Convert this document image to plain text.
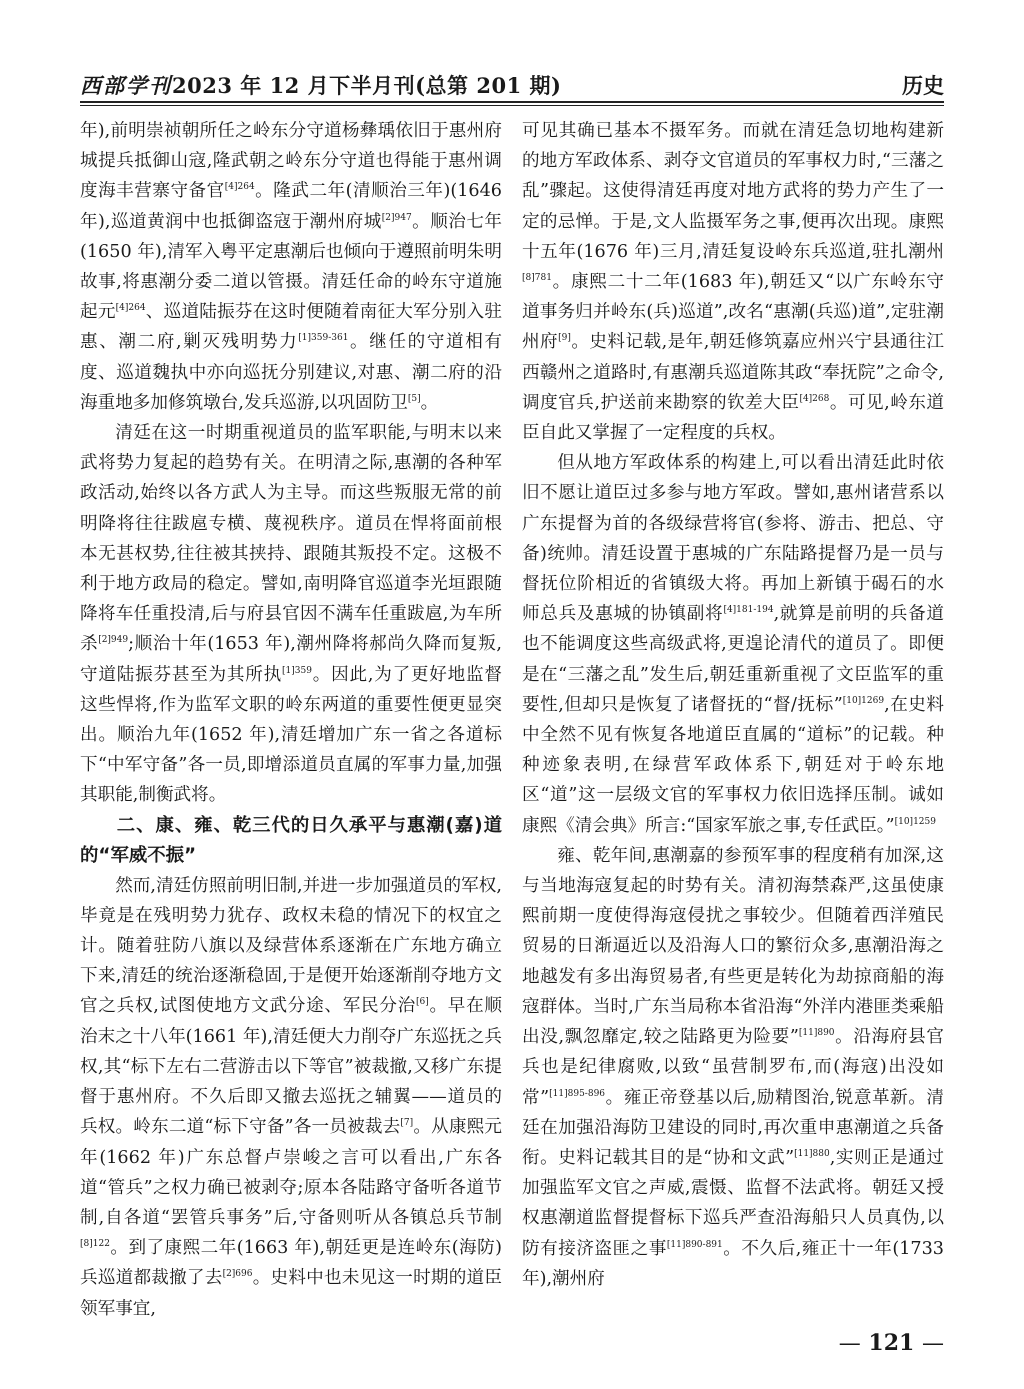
西部学刊2023 年 12 月下半月刊(总第 201 期)	历史

年),前明崇祯朝所任之岭东分守道杨彝瑀依旧于惠州府城提兵抵御山寇,隆武朝之岭东分守道也得能于惠州调度海丰营寨守备官$^{[4]264}$。隆武二年(清顺治三年)(1646 年),巡道黄润中也抵御盗寇于潮州府城$^{[2]947}$。顺治七年(1650 年),清军入粤平定惠潮后也倾向于遵照前明朱明故事,将惠潮分委二道以管摄。清廷任命的岭东守道施起元$^{[4]264}$、巡道陆振芬在这时便随着南征大军分别入驻惠、潮二府,剿灭残明势力$^{[1]359-361}$。继任的守道相有度、巡道魏执中亦向巡抚分别建议,对惠、潮二府的沿海重地多加修筑墩台,发兵巡游,以巩固防卫[5]。

清廷在这一时期重视道员的监军职能,与明末以来武将势力复起的趋势有关。在明清之际,惠潮的各种军政活动,始终以各方武人为主导。而这些叛服无常的前明降将往往跋扈专横、蔑视秩序。道员在悍将面前根本无甚权势,往往被其挟持、跟随其叛投不定。这极不利于地方政局的稳定。譬如,南明降官巡道李光垣跟随降将车任重投清,后与府县官因不满车任重跋扈,为车所杀$^{[2]949}$;顺治十年(1653 年),潮州降将郝尚久降而复叛,守道陆振芬甚至为其所执$^{[1]359}$。因此,为了更好地监督这些悍将,作为监军文职的岭东两道的重要性便更显突出。顺治九年(1652 年),清廷增加广东一省之各道标下“中军守备”各一员,即增添道员直属的军事力量,加强其职能,制衡武将。

二、康、雍、乾三代的日久承平与惠潮(嘉)道的“军威不振”

然而,清廷仿照前明旧制,并进一步加强道员的军权,毕竟是在残明势力犹存、政权未稳的情况下的权宜之计。随着驻防八旗以及绿营体系逐渐在广东地方确立下来,清廷的统治逐渐稳固,于是便开始逐渐削夺地方文官之兵权,试图使地方文武分途、军民分治[6]。早在顺治末之十八年(1661 年),清廷便大力削夺广东巡抚之兵权,其“标下左右二营游击以下等官”被裁撤,又移广东提督于惠州府。不久后即又撤去巡抚之辅翼——道员的兵权。岭东二道“标下守备”各一员被裁去[7]。从康熙元年(1662 年)广东总督卢崇峻之言可以看出,广东各道“管兵”之权力确已被剥夺;原本各陆路守备听各道节制,自各道“罢管兵事务”后,守备则听从各镇总兵节制$^{[8]122}$。到了康熙二年(1663 年),朝廷更是连岭东(海防)兵巡道都裁撤了去$^{[2]696}$。史料中也未见这一时期的道臣领军事宜,

可见其确已基本不摄军务。而就在清廷急切地构建新的地方军政体系、剥夺文官道员的军事权力时,“三藩之乱”骤起。这使得清廷再度对地方武将的势力产生了一定的忌惮。于是,文人监摄军务之事,便再次出现。康熙十五年(1676 年)三月,清廷复设岭东兵巡道,驻扎潮州$^{[8]781}$。康熙二十二年(1683 年),朝廷又“以广东岭东守道事务归并岭东(兵)巡道”,改名“惠潮(兵巡)道”,定驻潮州府[9]。史料记载,是年,朝廷修筑嘉应州兴宁县通往江西赣州之道路时,有惠潮兵巡道陈其政“奉抚院”之命令,调度官兵,护送前来勘察的钦差大臣$^{[4]268}$。可见,岭东道臣自此又掌握了一定程度的兵权。

但从地方军政体系的构建上,可以看出清廷此时依旧不愿让道臣过多参与地方军政。譬如,惠州诸营系以广东提督为首的各级绿营将官(参将、游击、把总、守备)统帅。清廷设置于惠城的广东陆路提督乃是一员与督抚位阶相近的省镇级大将。再加上新镇于碣石的水师总兵及惠城的协镇副将$^{[4]181-194}$,就算是前明的兵备道也不能调度这些高级武将,更遑论清代的道员了。即便是在“三藩之乱”发生后,朝廷重新重视了文臣监军的重要性,但却只是恢复了诸督抚的“督/抚标”$^{[10]1269}$,在史料中全然不见有恢复各地道臣直属的“道标”的记载。种种迹象表明,在绿营军政体系下,朝廷对于岭东地区“道”这一层级文官的军事权力依旧选择压制。诚如康熙《清会典》所言:“国家军旅之事,专任武臣。”$^{[10]1259}$

雍、乾年间,惠潮嘉的参预军事的程度稍有加深,这与当地海寇复起的时势有关。清初海禁森严,这虽使康熙前期一度使得海寇侵扰之事较少。但随着西洋殖民贸易的日渐逼近以及沿海人口的繁衍众多,惠潮沿海之地越发有多出海贸易者,有些更是转化为劫掠商船的海寇群体。当时,广东当局称本省沿海“外洋内港匪类乘船出没,飘忽靡定,较之陆路更为险要”$^{[11]890}$。沿海府县官兵也是纪律腐败,以致“虽营制罗布,而(海寇)出没如常”$^{[11]895-896}$。雍正帝登基以后,励精图治,锐意革新。清廷在加强沿海防卫建设的同时,再次重申惠潮道之兵备衔。史料记载其目的是“协和文武”$^{[11]880}$,实则正是通过加强监军文官之声威,震慑、监督不法武将。朝廷又授权惠潮道监督提督标下巡兵严查沿海船只人员真伪,以防有接济盗匪之事$^{[11]890-891}$。不久后,雍正十一年(1733 年),潮州府

— 121 —
